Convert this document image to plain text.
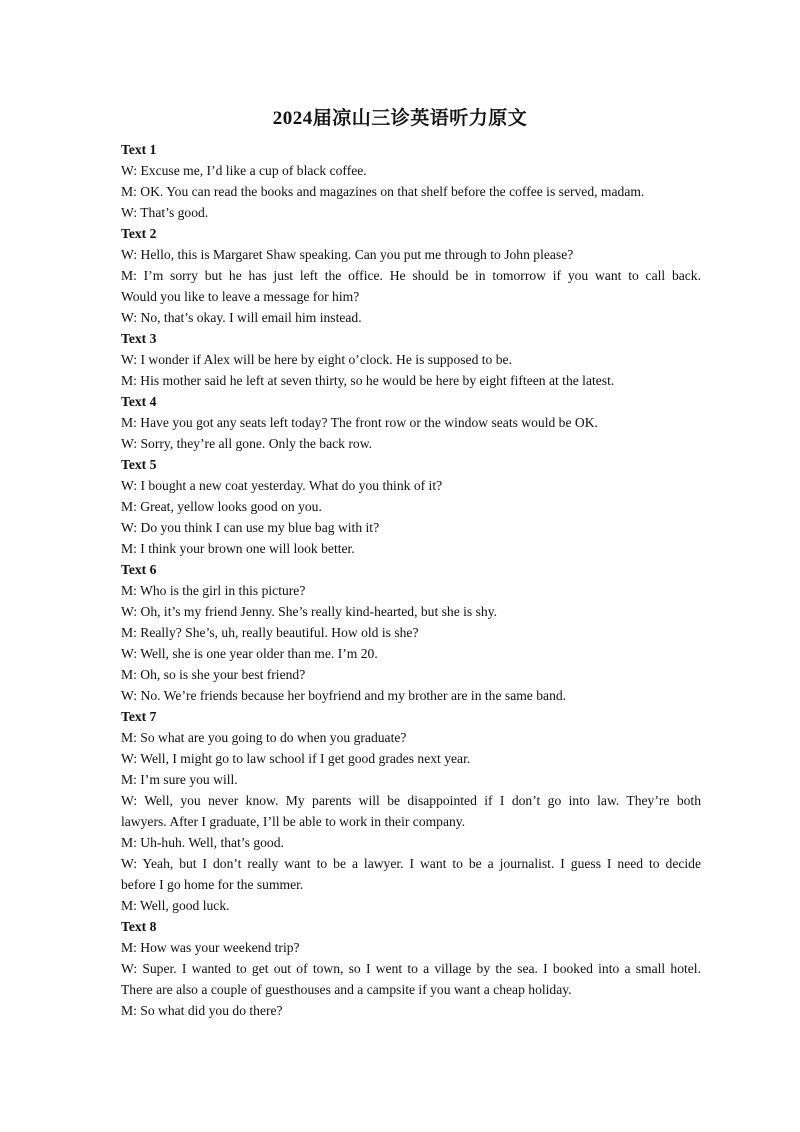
2024届凉山三诊英语听力原文

Text 1

W: Excuse me, I’d like a cup of black coffee.

M: OK. You can read the books and magazines on that shelf before the coffee is served, madam.

W: That’s good.

Text 2

W: Hello, this is Margaret Shaw speaking. Can you put me through to John please?

M: I’m sorry but he has just left the office. He should be in tomorrow if you want to call back.

Would you like to leave a message for him?

W: No, that’s okay. I will email him instead.

Text 3

W: I wonder if Alex will be here by eight o’clock. He is supposed to be.

M: His mother said he left at seven thirty, so he would be here by eight fifteen at the latest.

Text 4

M: Have you got any seats left today? The front row or the window seats would be OK.

W: Sorry, they’re all gone. Only the back row.

Text 5

W: I bought a new coat yesterday. What do you think of it?

M: Great, yellow looks good on you.

W: Do you think I can use my blue bag with it?

M: I think your brown one will look better.

Text 6

M: Who is the girl in this picture?

W: Oh, it’s my friend Jenny. She’s really kind-hearted, but she is shy.

M: Really? She’s, uh, really beautiful. How old is she?

W: Well, she is one year older than me. I’m 20.

M: Oh, so is she your best friend?

W: No. We’re friends because her boyfriend and my brother are in the same band.

Text 7

M: So what are you going to do when you graduate?

W: Well, I might go to law school if I get good grades next year.

M: I’m sure you will.

W: Well, you never know. My parents will be disappointed if I don’t go into law. They’re both

lawyers. After I graduate, I’ll be able to work in their company.

M: Uh-huh. Well, that’s good.

W: Yeah, but I don’t really want to be a lawyer. I want to be a journalist. I guess I need to decide

before I go home for the summer.

M: Well, good luck.

Text 8

M: How was your weekend trip?

W: Super. I wanted to get out of town, so I went to a village by the sea. I booked into a small hotel.

There are also a couple of guesthouses and a campsite if you want a cheap holiday.

M: So what did you do there?
